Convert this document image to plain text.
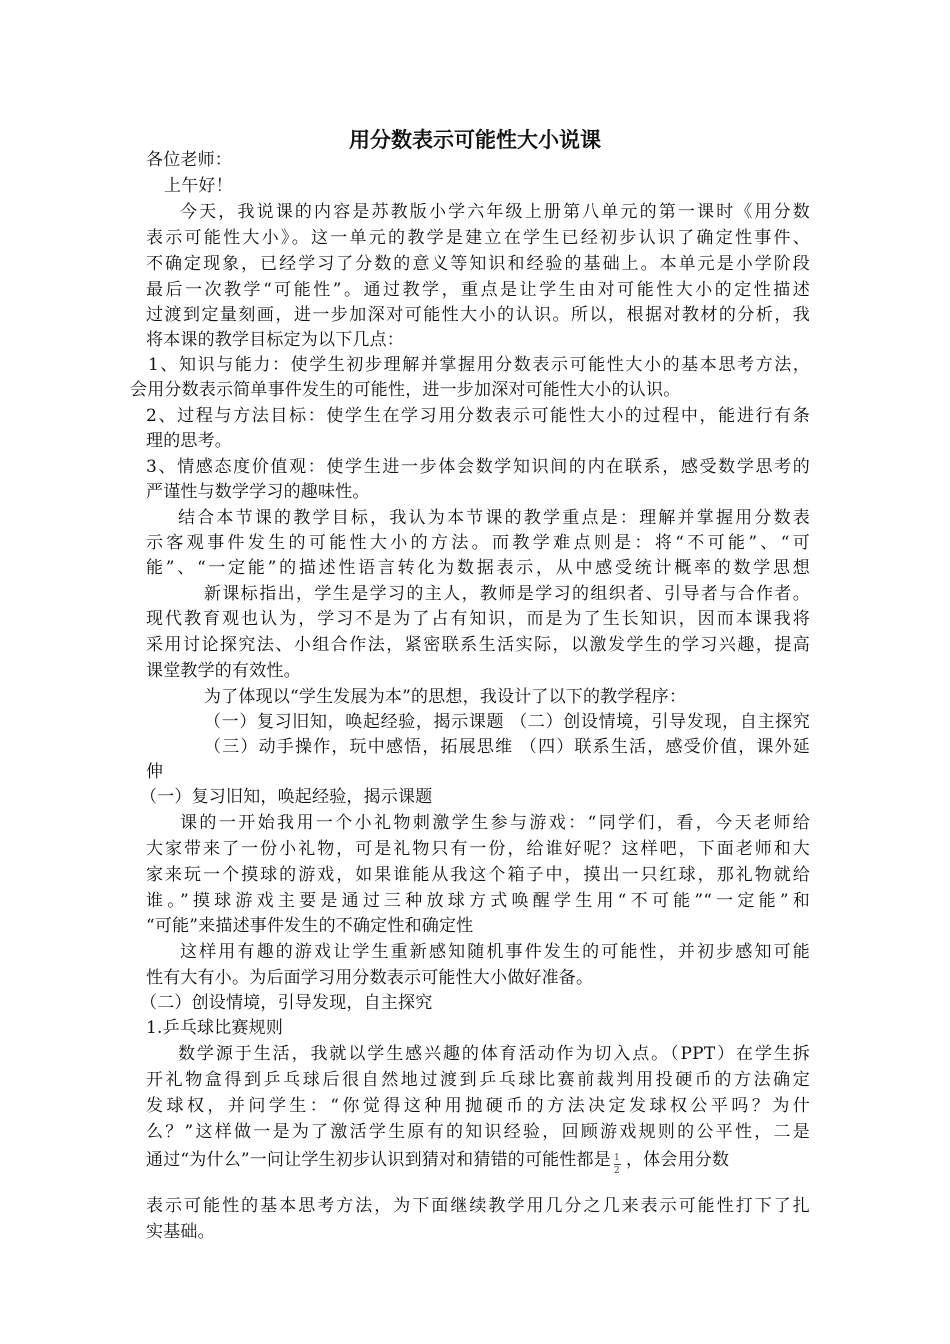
用分数表示可能性大小说课
各位老师：
上午好！
今天，我说课的内容是苏教版小学六年级上册第八单元的第一课时《用分数
表示可能性大小》。这一单元的教学是建立在学生已经初步认识了确定性事件、
不确定现象，已经学习了分数的意义等知识和经验的基础上。本单元是小学阶段
最后一次教学“可能性”。通过教学，重点是让学生由对可能性大小的定性描述
过渡到定量刻画，进一步加深对可能性大小的认识。所以，根据对教材的分析，我
将本课的教学目标定为以下几点：
1、知识与能力：使学生初步理解并掌握用分数表示可能性大小的基本思考方法，
会用分数表示简单事件发生的可能性，进一步加深对可能性大小的认识。
2、过程与方法目标：使学生在学习用分数表示可能性大小的过程中，能进行有条
理的思考。
3、情感态度价值观：使学生进一步体会数学知识间的内在联系，感受数学思考的
严谨性与数学学习的趣味性。
结合本节课的教学目标，我认为本节课的教学重点是：理解并掌握用分数表
示客观事件发生的可能性大小的方法。而教学难点则是：将“不可能”、“可
能”、“一定能”的描述性语言转化为数据表示，从中感受统计概率的数学思想
新课标指出，学生是学习的主人，教师是学习的组织者、引导者与合作者。
现代教育观也认为，学习不是为了占有知识，而是为了生长知识，因而本课我将
采用讨论探究法、小组合作法，紧密联系生活实际，以激发学生的学习兴趣，提高
课堂教学的有效性。
为了体现以“学生发展为本”的思想，我设计了以下的教学程序：
（一）复习旧知，唤起经验，揭示课题 （二）创设情境，引导发现，自主探究
（三）动手操作，玩中感悟，拓展思维 （四）联系生活，感受价值，课外延
伸
（一）复习旧知，唤起经验，揭示课题
课的一开始我用一个小礼物刺激学生参与游戏：“同学们，看，今天老师给
大家带来了一份小礼物，可是礼物只有一份，给谁好呢？这样吧，下面老师和大
家来玩一个摸球的游戏，如果谁能从我这个箱子中，摸出一只红球，那礼物就给
谁。”摸球游戏主要是通过三种放球方式唤醒学生用“不可能”“一定能”和
“可能”来描述事件发生的不确定性和确定性
这样用有趣的游戏让学生重新感知随机事件发生的可能性，并初步感知可能
性有大有小。为后面学习用分数表示可能性大小做好准备。
（二）创设情境，引导发现，自主探究
1.乒乓球比赛规则
数学源于生活，我就以学生感兴趣的体育活动作为切入点。（PPT）在学生拆
开礼物盒得到乒乓球后很自然地过渡到乒乓球比赛前裁判用投硬币的方法确定
发球权，并问学生：“你觉得这种用抛硬币的方法决定发球权公平吗？为什
么？”这样做一是为了激活学生原有的知识经验，回顾游戏规则的公平性，二是
通过“为什么”一问让学生初步认识到猜对和猜错的可能性都是 $\frac{1}{2}$ ，体会用分数
表示可能性的基本思考方法，为下面继续教学用几分之几来表示可能性打下了扎
实基础。
